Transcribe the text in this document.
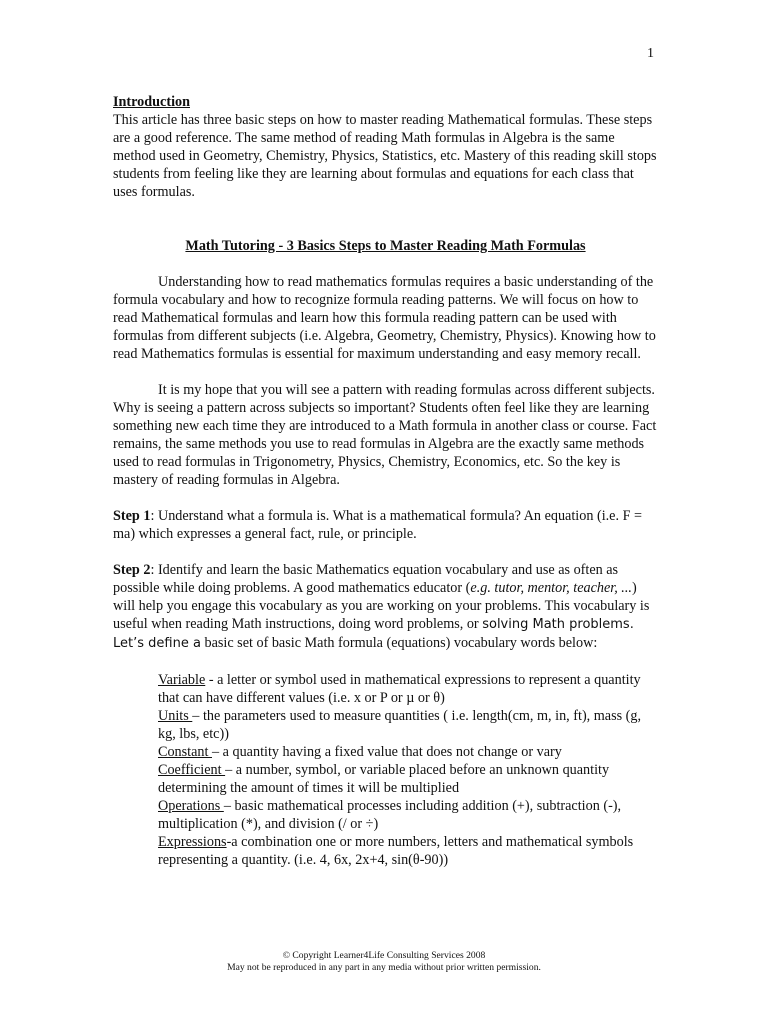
1

Introduction

This article has three basic steps on how to master reading Mathematical formulas. These steps are a good reference. The same method of reading Math formulas in Algebra is the same method used in Geometry, Chemistry, Physics, Statistics, etc. Mastery of this reading skill stops students from feeling like they are learning about formulas and equations for each class that uses formulas.

Math Tutoring - 3 Basics Steps to Master Reading Math Formulas

Understanding how to read mathematics formulas requires a basic understanding of the formula vocabulary and how to recognize formula reading patterns. We will focus on how to read Mathematical formulas and learn how this formula reading pattern can be used with formulas from different subjects (i.e. Algebra, Geometry, Chemistry, Physics). Knowing how to read Mathematics formulas is essential for maximum understanding and easy memory recall.

It is my hope that you will see a pattern with reading formulas across different subjects. Why is seeing a pattern across subjects so important? Students often feel like they are learning something new each time they are introduced to a Math formula in another class or course. Fact remains, the same methods you use to read formulas in Algebra are the exactly same methods used to read formulas in Trigonometry, Physics, Chemistry, Economics, etc. So the key is mastery of reading formulas in Algebra.

Step 1: Understand what a formula is. What is a mathematical formula? An equation (i.e. F = ma) which expresses a general fact, rule, or principle.

Step 2: Identify and learn the basic Mathematics equation vocabulary and use as often as possible while doing problems. A good mathematics educator (e.g. tutor, mentor, teacher, ...) will help you engage this vocabulary as you are working on your problems. This vocabulary is useful when reading Math instructions, doing word problems, or solving Math problems. Let’s define a basic set of basic Math formula (equations) vocabulary words below:

Variable - a letter or symbol used in mathematical expressions to represent a quantity that can have different values (i.e. x or P or µ or θ)

Units – the parameters used to measure quantities ( i.e. length(cm, m, in, ft), mass (g, kg, lbs, etc))

Constant – a quantity having a fixed value that does not change or vary

Coefficient – a number, symbol, or variable placed before an unknown quantity determining the amount of times it will be multiplied

Operations – basic mathematical processes including addition (+), subtraction (-), multiplication (*), and division (/ or ÷)

Expressions-a combination one or more numbers, letters and mathematical symbols representing a quantity. (i.e. 4, 6x, 2x+4, sin(θ-90))

© Copyright Learner4Life Consulting Services 2008
May not be reproduced in any part in any media without prior written permission.
